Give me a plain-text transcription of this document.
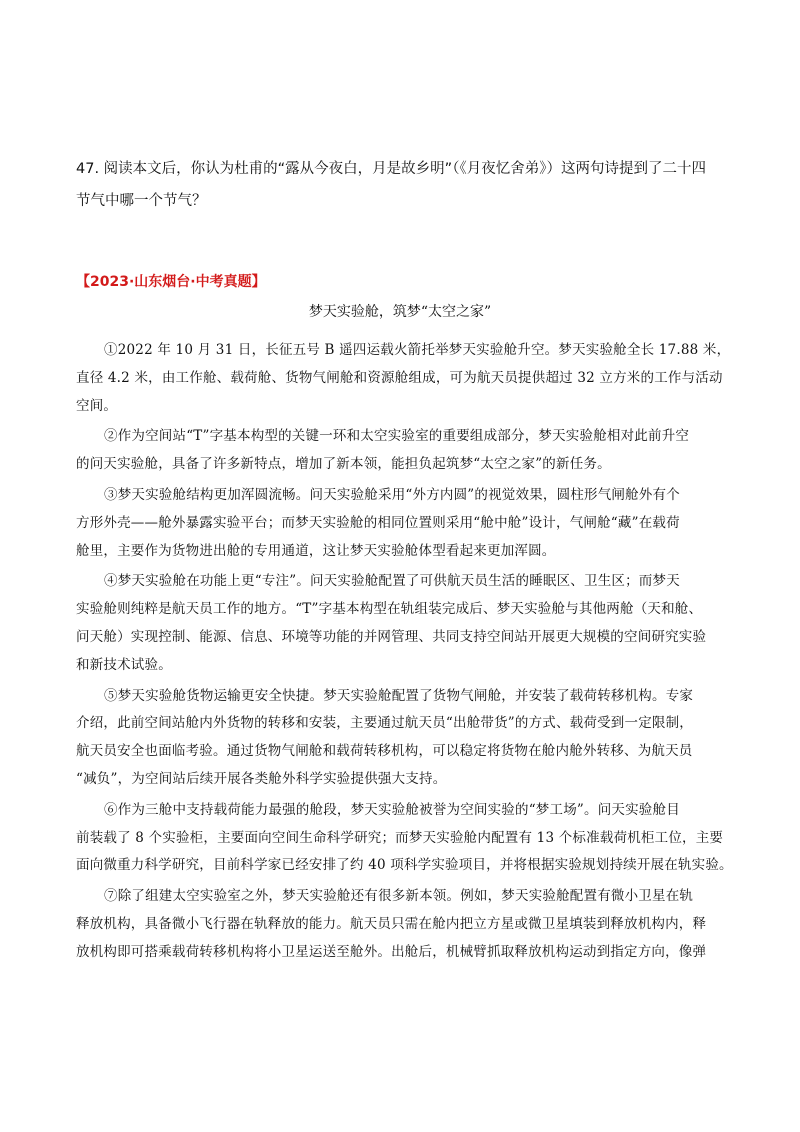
47. 阅读本文后，你认为杜甫的“露从今夜白，月是故乡明”（《月夜忆舍弟》）这两句诗提到了二十四
节气中哪一个节气？
【2023·山东烟台·中考真题】
梦天实验舱，筑梦“太空之家”

①2022 年 10 月 31 日，长征五号 B 遥四运载火箭托举梦天实验舱升空。梦天实验舱全长 17.88 米，
直径 4.2 米，由工作舱、载荷舱、货物气闸舱和资源舱组成，可为航天员提供超过 32 立方米的工作与活动
空间。

②作为空间站“T”字基本构型的关键一环和太空实验室的重要组成部分，梦天实验舱相对此前升空
的问天实验舱，具备了许多新特点，增加了新本领，能担负起筑梦“太空之家”的新任务。

③梦天实验舱结构更加浑圆流畅。问天实验舱采用“外方内圆”的视觉效果，圆柱形气闸舱外有个
方形外壳——舱外暴露实验平台；而梦天实验舱的相同位置则采用“舱中舱”设计，气闸舱“藏”在载荷
舱里，主要作为货物进出舱的专用通道，这让梦天实验舱体型看起来更加浑圆。

④梦天实验舱在功能上更“专注”。问天实验舱配置了可供航天员生活的睡眠区、卫生区；而梦天
实验舱则纯粹是航天员工作的地方。“T”字基本构型在轨组装完成后、梦天实验舱与其他两舱（天和舱、
问天舱）实现控制、能源、信息、环境等功能的并网管理、共同支持空间站开展更大规模的空间研究实验
和新技术试验。

⑤梦天实验舱货物运输更安全快捷。梦天实验舱配置了货物气闸舱，并安装了载荷转移机构。专家
介绍，此前空间站舱内外货物的转移和安装，主要通过航天员“出舱带货”的方式、载荷受到一定限制，
航天员安全也面临考验。通过货物气闸舱和载荷转移机构，可以稳定将货物在舱内舱外转移、为航天员
“减负”，为空间站后续开展各类舱外科学实验提供强大支持。

⑥作为三舱中支持载荷能力最强的舱段，梦天实验舱被誉为空间实验的“梦工场”。问天实验舱目
前装载了 8 个实验柜，主要面向空间生命科学研究；而梦天实验舱内配置有 13 个标准载荷机柜工位，主要
面向微重力科学研究，目前科学家已经安排了约 40 项科学实验项目，并将根据实验规划持续开展在轨实验。

⑦除了组建太空实验室之外，梦天实验舱还有很多新本领。例如，梦天实验舱配置有微小卫星在轨
释放机构，具备微小飞行器在轨释放的能力。航天员只需在舱内把立方星或微卫星填装到释放机构内，释
放机构即可搭乘载荷转移机构将小卫星运送至舱外。出舱后，机械臂抓取释放机构运动到指定方向，像弹
